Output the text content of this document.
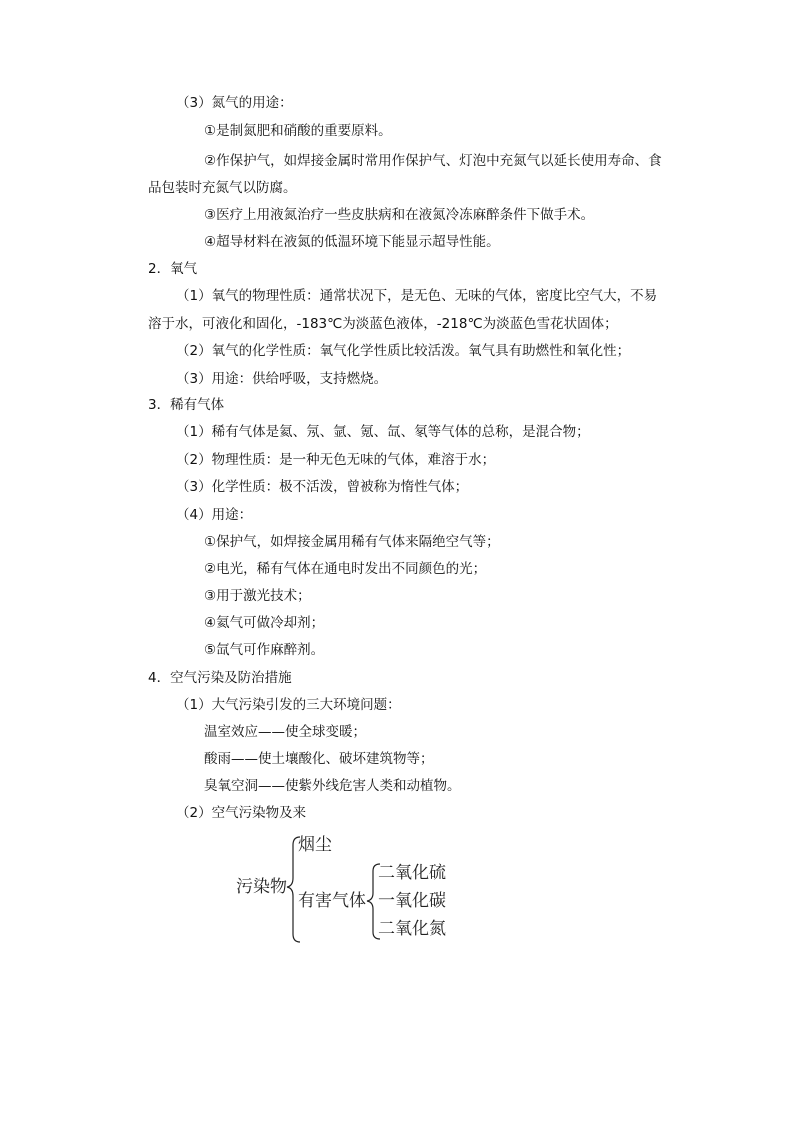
（3）氮气的用途：
①是制氮肥和硝酸的重要原料。
②作保护气，如焊接金属时常用作保护气、灯泡中充氮气以延长使用寿命、食
品包装时充氮气以防腐。
③医疗上用液氮治疗一些皮肤病和在液氮冷冻麻醉条件下做手术。
④超导材料在液氮的低温环境下能显示超导性能。
2．氧气
（1）氧气的物理性质：通常状况下，是无色、无味的气体，密度比空气大，不易
溶于水，可液化和固化，-183℃为淡蓝色液体，-218℃为淡蓝色雪花状固体；
（2）氧气的化学性质：氧气化学性质比较活泼。氧气具有助燃性和氧化性；
（3）用途：供给呼吸，支持燃烧。
3．稀有气体
（1）稀有气体是氦、氖、氩、氪、氙、氡等气体的总称，是混合物；
（2）物理性质：是一种无色无味的气体，难溶于水；
（3）化学性质：极不活泼，曾被称为惰性气体；
（4）用途：
①保护气，如焊接金属用稀有气体来隔绝空气等；
②电光，稀有气体在通电时发出不同颜色的光；
③用于激光技术；
④氦气可做冷却剂；
⑤氙气可作麻醉剂。
4．空气污染及防治措施
（1）大气污染引发的三大环境问题：
温室效应——使全球变暖；
酸雨——使土壤酸化、破坏建筑物等；
臭氧空洞——使紫外线危害人类和动植物。
（2）空气污染物及来
污染物
烟尘
有害气体
二氧化硫
一氧化碳
二氧化氮
